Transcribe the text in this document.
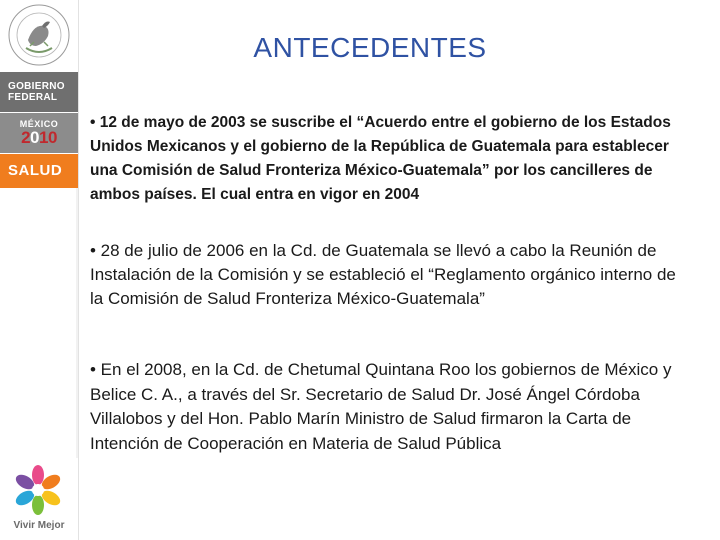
GOBIERNO
FEDERAL
MÉXICO
2010
SALUD
Vivir Mejor
ANTECEDENTES
• 12 de mayo de 2003 se suscribe el “Acuerdo entre el gobierno de los Estados Unidos Mexicanos y el gobierno de la República de Guatemala para establecer una Comisión de Salud Fronteriza México-Guatemala” por los cancilleres de ambos países. El cual entra en vigor en 2004
• 28 de julio de 2006 en la Cd. de Guatemala se llevó a cabo la Reunión de Instalación de la Comisión y se estableció el “Reglamento orgánico interno de la Comisión de Salud Fronteriza México-Guatemala”
• En el 2008, en la Cd. de Chetumal Quintana Roo los gobiernos de México y Belice C. A., a través del Sr. Secretario de Salud Dr. José Ángel Córdoba Villalobos y del Hon. Pablo Marín Ministro de Salud firmaron la Carta de Intención de Cooperación en Materia de Salud Pública
